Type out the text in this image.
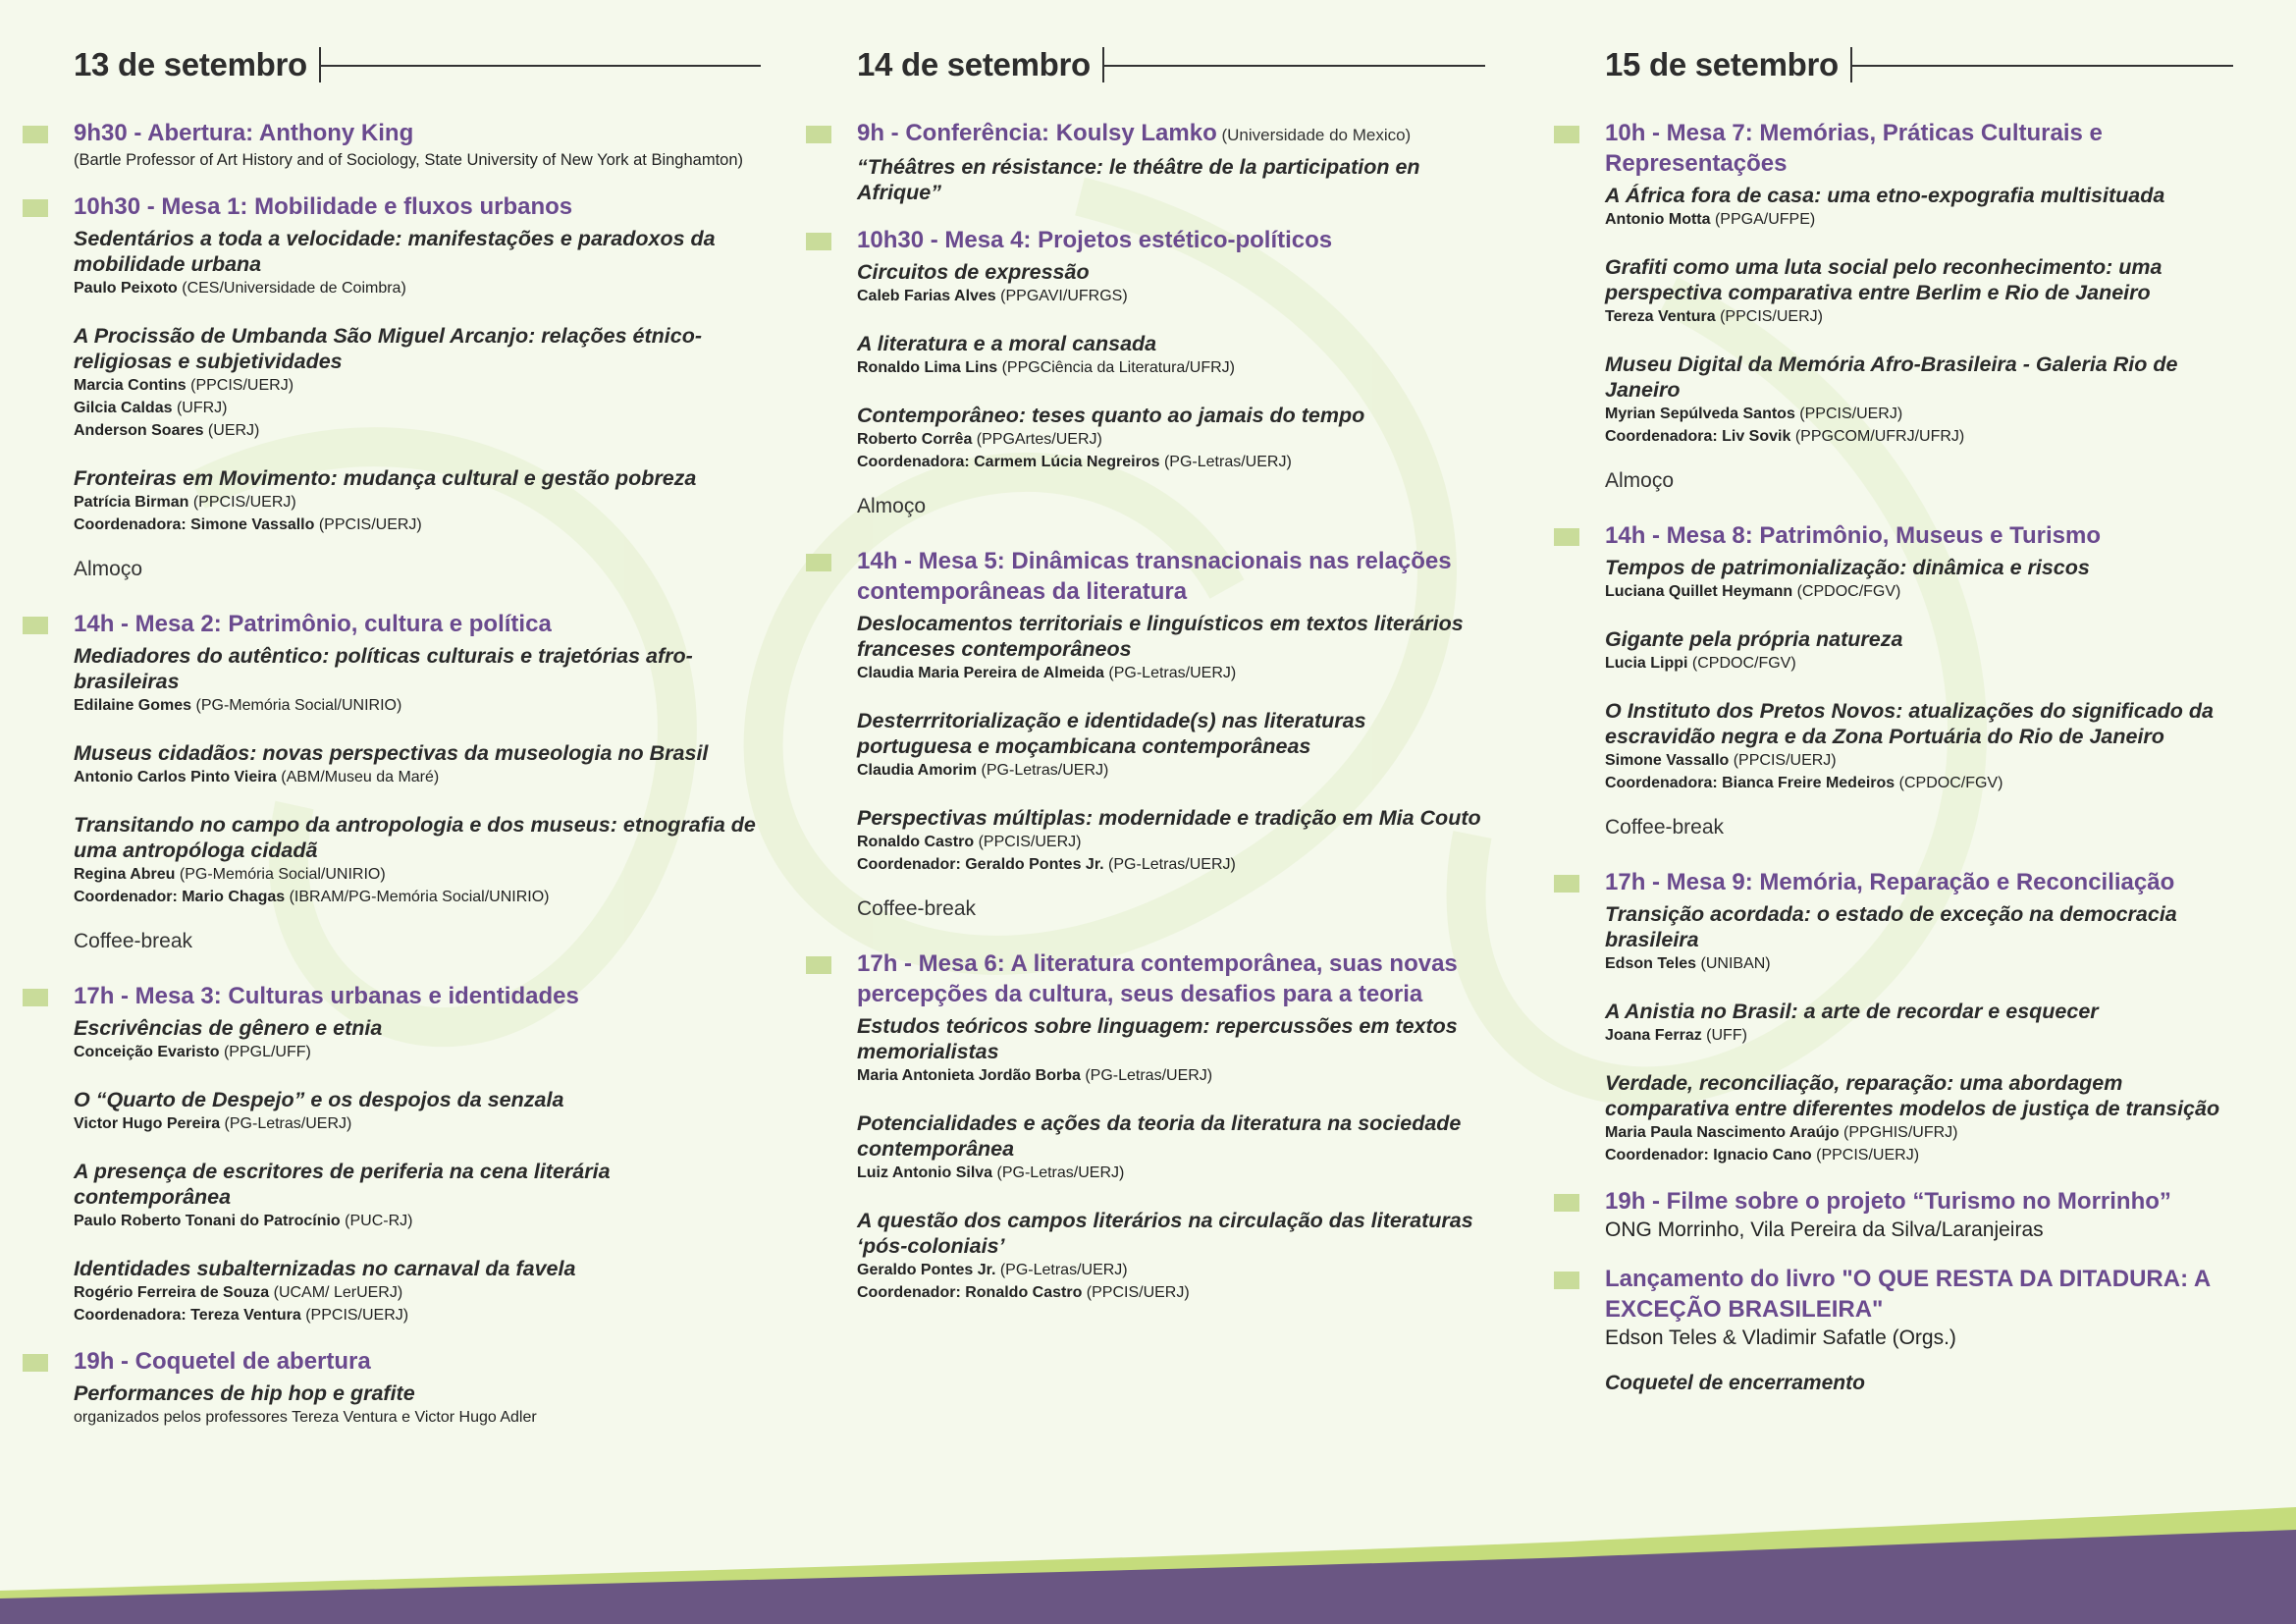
13 de setembro
9h30 - Abertura: Anthony King
(Bartle Professor of Art History and of Sociology, State University of New York at Binghamton)
10h30 - Mesa 1: Mobilidade e fluxos urbanos
Sedentários a toda a velocidade: manifestações e paradoxos da mobilidade urbana
Paulo Peixoto (CES/Universidade de Coimbra)
A Procissão de Umbanda São Miguel Arcanjo: relações étnico-religiosas e subjetividades
Marcia Contins (PPCIS/UERJ)
Gilcia Caldas (UFRJ)
Anderson Soares (UERJ)
Fronteiras em Movimento: mudança cultural e gestão pobreza
Patrícia Birman (PPCIS/UERJ)
Coordenadora: Simone Vassallo (PPCIS/UERJ)
Almoço
14h - Mesa 2: Patrimônio, cultura e política
Mediadores do autêntico: políticas culturais e trajetórias afro-brasileiras
Edilaine Gomes (PG-Memória Social/UNIRIO)
Museus cidadãos: novas perspectivas da museologia no Brasil
Antonio Carlos Pinto Vieira (ABM/Museu da Maré)
Transitando no campo da antropologia e dos museus: etnografia de uma antropóloga cidadã
Regina Abreu (PG-Memória Social/UNIRIO)
Coordenador: Mario Chagas (IBRAM/PG-Memória Social/UNIRIO)
Coffee-break
17h - Mesa 3: Culturas urbanas e identidades
Escrivências de gênero e etnia
Conceição Evaristo (PPGL/UFF)
O “Quarto de Despejo” e os despojos da senzala
Victor Hugo Pereira (PG-Letras/UERJ)
A presença de escritores de periferia na cena literária contemporânea
Paulo Roberto Tonani do Patrocínio (PUC-RJ)
Identidades subalternizadas no carnaval da favela
Rogério Ferreira de Souza (UCAM/ LerUERJ)
Coordenadora: Tereza Ventura (PPCIS/UERJ)
19h - Coquetel de abertura
Performances de hip hop e grafite
organizados pelos professores Tereza Ventura e Victor Hugo Adler
14 de setembro
9h - Conferência: Koulsy Lamko (Universidade do Mexico)
“Théâtres en résistance: le théâtre de la participation en Afrique”
10h30 - Mesa 4: Projetos estético-políticos
Circuitos de expressão
Caleb Farias Alves (PPGAVI/UFRGS)
A literatura e a moral cansada
Ronaldo Lima Lins (PPGCiência da Literatura/UFRJ)
Contemporâneo: teses quanto ao jamais do tempo
Roberto Corrêa (PPGArtes/UERJ)
Coordenadora: Carmem Lúcia Negreiros (PG-Letras/UERJ)
Almoço
14h - Mesa 5: Dinâmicas transnacionais nas relações contemporâneas da literatura
Deslocamentos territoriais e linguísticos em textos literários franceses contemporâneos
Claudia Maria Pereira de Almeida (PG-Letras/UERJ)
Desterrritorialização e identidade(s) nas literaturas portuguesa e moçambicana contemporâneas
Claudia Amorim (PG-Letras/UERJ)
Perspectivas múltiplas: modernidade e tradição em Mia Couto
Ronaldo Castro (PPCIS/UERJ)
Coordenador: Geraldo Pontes Jr. (PG-Letras/UERJ)
Coffee-break
17h - Mesa 6: A literatura contemporânea, suas novas percepções da cultura, seus desafios para a teoria
Estudos teóricos sobre linguagem: repercussões em textos memorialistas
Maria Antonieta Jordão Borba (PG-Letras/UERJ)
Potencialidades e ações da teoria da literatura na sociedade contemporânea
Luiz Antonio Silva (PG-Letras/UERJ)
A questão dos campos literários na circulação das literaturas ‘pós-coloniais’
Geraldo Pontes Jr. (PG-Letras/UERJ)
Coordenador: Ronaldo Castro (PPCIS/UERJ)
15 de setembro
10h - Mesa 7: Memórias, Práticas Culturais e Representações
A África fora de casa: uma etno-expografia multisituada
Antonio Motta (PPGA/UFPE)
Grafiti como uma luta social pelo reconhecimento: uma perspectiva comparativa entre Berlim e Rio de Janeiro
Tereza Ventura (PPCIS/UERJ)
Museu Digital da Memória Afro-Brasileira - Galeria Rio de Janeiro
Myrian Sepúlveda Santos (PPCIS/UERJ)
Coordenadora: Liv Sovik (PPGCOM/UFRJ/UFRJ)
Almoço
14h - Mesa 8: Patrimônio, Museus e Turismo
Tempos de patrimonialização: dinâmica e riscos
Luciana Quillet Heymann (CPDOC/FGV)
Gigante pela própria natureza
Lucia Lippi (CPDOC/FGV)
O Instituto dos Pretos Novos: atualizações do significado da escravidão negra e da Zona Portuária do Rio de Janeiro
Simone Vassallo (PPCIS/UERJ)
Coordenadora: Bianca Freire Medeiros (CPDOC/FGV)
Coffee-break
17h - Mesa 9: Memória, Reparação e Reconciliação
Transição acordada: o estado de exceção na democracia brasileira
Edson Teles (UNIBAN)
A Anistia no Brasil: a arte de recordar e esquecer
Joana Ferraz (UFF)
Verdade, reconciliação, reparação: uma abordagem comparativa entre diferentes modelos de justiça de transição
Maria Paula Nascimento Araújo (PPGHIS/UFRJ)
Coordenador: Ignacio Cano (PPCIS/UERJ)
19h - Filme sobre o projeto “Turismo no Morrinho”
ONG Morrinho, Vila Pereira da Silva/Laranjeiras
Lançamento do livro "O QUE RESTA DA DITADURA: A EXCEÇÃO BRASILEIRA"
Edson Teles & Vladimir Safatle (Orgs.)
Coquetel de encerramento
